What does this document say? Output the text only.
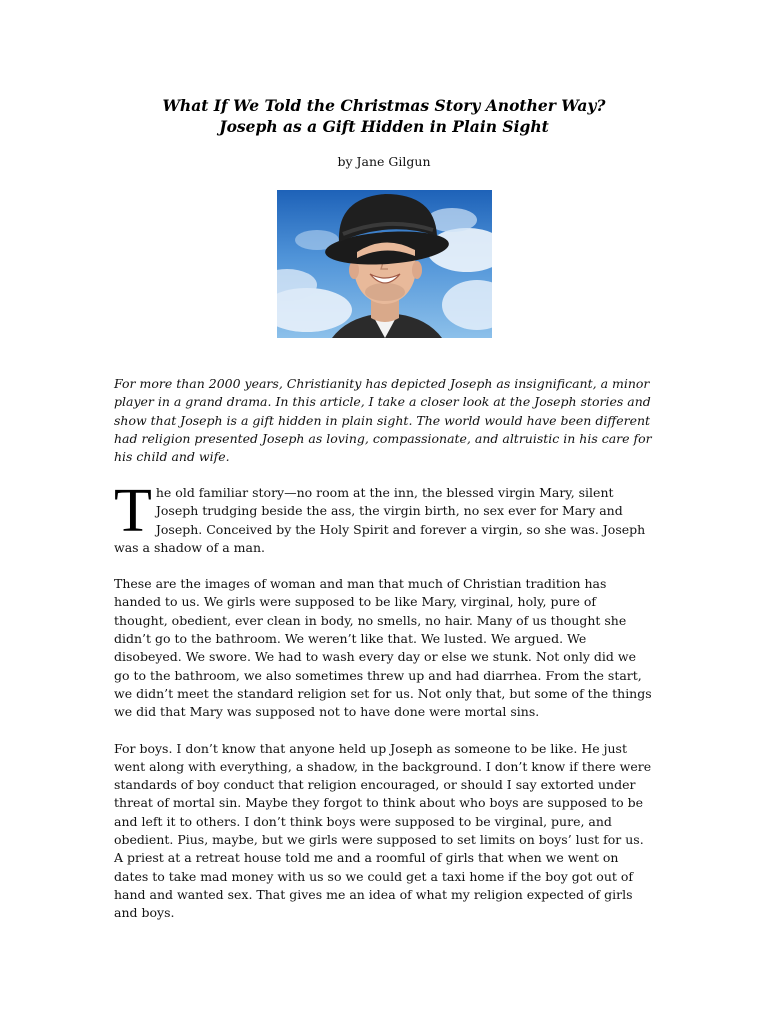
What If We Told the Christmas Story Another Way?
Joseph as a Gift Hidden in Plain Sight
by Jane Gilgun
For more than 2000 years, Christianity has depicted Joseph as insignificant, a minor
player in a grand drama. In this article, I take a closer look at the Joseph stories and
show that Joseph is a gift hidden in plain sight. The world would have been different
had religion presented Joseph as loving, compassionate, and altruistic in his care for
his child and wife.

T he old familiar story—no room at the inn, the blessed virgin Mary, silent
Joseph trudging beside the ass, the virgin birth, no sex ever for Mary and
Joseph. Conceived by the Holy Spirit and forever a virgin, so she was. Joseph
was a shadow of a man.

These are the images of woman and man that much of Christian tradition has
handed to us. We girls were supposed to be like Mary, virginal, holy, pure of
thought, obedient, ever clean in body, no smells, no hair. Many of us thought she
didn’t go to the bathroom. We weren’t like that. We lusted. We argued. We
disobeyed. We swore. We had to wash every day or else we stunk. Not only did we
go to the bathroom, we also sometimes threw up and had diarrhea. From the start,
we didn’t meet the standard religion set for us. Not only that, but some of the things
we did that Mary was supposed not to have done were mortal sins.

For boys. I don’t know that anyone held up Joseph as someone to be like. He just
went along with everything, a shadow, in the background. I don’t know if there were
standards of boy conduct that religion encouraged, or should I say extorted under
threat of mortal sin. Maybe they forgot to think about who boys are supposed to be
and left it to others. I don’t think boys were supposed to be virginal, pure, and
obedient. Pius, maybe, but we girls were supposed to set limits on boys’ lust for us.
A priest at a retreat house told me and a roomful of girls that when we went on
dates to take mad money with us so we could get a taxi home if the boy got out of
hand and wanted sex. That gives me an idea of what my religion expected of girls
and boys.
